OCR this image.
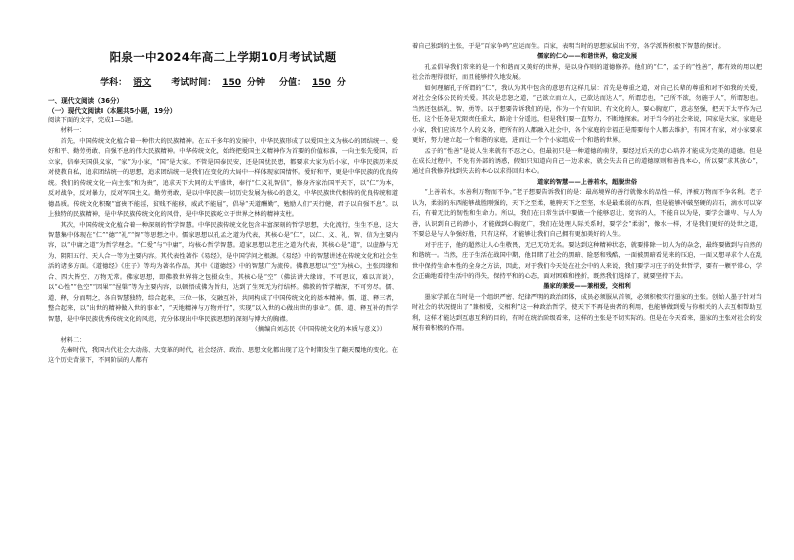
阳泉一中2024年高二上学期10月考试试题
学科： 语文	考试时间： 150 分钟 分值： 150 分
一、现代文阅读（36分）
（一）现代文阅读Ⅰ（本题共5小题，19分）

阅读下面的文字，完成1—5题。

材料一：

首先，中国传统文化植合着一种伟大的民族精神。在五千多年的发展中，中华民族形成了以爱国主义为核心的团结统一、爱好和平、勤劳勇敢、自强不息的伟大民族精神。中华传统文化，始终把爱国主义精神作为首要的价值标准，一向主张先爱国，后立家，信奉天国俱义家，“家”为小家，“国”是大家。不管是国泰民安，还是国忧民患，都要求大家为后小家，中华民族历来反对使教自私，追求团结统一的思想，追求团结统一是我们在变化的大局中一样体现家国情怀。爱好和平，更是中华民族的优良传统。我们的传统文化一向主张“和为贵”，追求天下大同的太平盛世，奉行“仁义礼智信”，修身齐家治国平天下，以“仁”为本，反对战争，反对暴力，反对军国主义。勤劳勇敢，是以中华民族一切历史发展为核心的意义，中华民族世代相传的优良传统和道德品质。传统文化积聚“富贵不能淫，贫贱不能移，威武不能屈”，倡导“天道酬勤”，勉励人们“天行健，君子以自强不息”。以上独特的民族精神，是中华民族传统文化的风骨，是中华民族屹立于世界之林的精神支柱。

其次，中国传统文化植合着一种深刻的哲学智慧。中华民族传统文化包含丰富深刻的哲学思想，大化流行，生生不息，这大智慧集中体现在“仁”“德”“礼”“智”等思想之中。儒家思想以孔孟之道为代表，其核心是“仁”，以仁、义、礼、智、信为主要内容，以“中庸之道”为哲学理念。“仁爱”与“中庸”，均核心哲学智慧。道家思想以老庄之道为代表，其核心是“道”，以虚静与无为、阴阳五行、天人合一等为主要内容。其代表性著作《易经》，是中国学问之根源。《易经》中的智慧讲述在传统文化和社会生活的诸多方面。《道德经》《庄子》等均为著名作品，其中《道德经》中的智慧广为流传。佛教思想以“空”为核心，主张因缘和合、四大皆空、万物无常。佛家思想，即佛教世界将之包摄众生，其核心是“空”（佛法讲大缘谛，不可思议，难以言说），以“心性”“色空”“因果”“涅槃”等为主要内容，以顿悟成佛为旨归，达到了生死无为行结杯。佛教的哲学精深，不可穷尽。儒、道、释，分而明之，各自智慧独特，综合起来，三位一体，交融互补，共同构成了中国传统文化的基本精神。儒、道、释三者，整合起来，以“出世的精神做入世的事业”，“天地精神与万物并行”，实现“以入世的心做出世的事业”。儒、道、释互补的哲学智慧，是中华民族优秀传统文化的风范，充分体现出中华民族思想的深刻与博大的胸襟。

（摘编自刘志民《中国传统文化的本质与意义》）

材料二：

先秦时代，我国古代社会大动荡、大变革的时代，社会经济、政治、思想文化都出现了这个时期发生了翻天覆地的变化。在这个历史背景下，不同阶层的人都有

着自己独到的主张，于是“百家争鸣”应运而生。百家，表明当时的思想家层出不穷，各学派皆积极下智慧的探讨。

儒家的仁心——和谐世界，稳定发展

孔孟倡导我们常来的是一个和谐而又美好的世界，是以身作则的道德修养。他们的“仁”，孟子的“性善”，都有效的用以把社会治理得很好，而且能够持久地发展。

如何理解孔子所谓的“仁”，我认为其中包含的意思有这样几层：首先是尊重之道，对自己长辈的尊重和对不如我的关爱，对社会全体公民的关爱。其次是忠恕之道，“己欲立而立人，己欲达而达人”，所谓忠也，“己所不欲，勿施于人”，所谓恕也。当然还包括礼、智、勇等。以于想要告诉我们的是，作为一个有知识、有文化的人，要心胸宽广，意志坚强，把天下太平作为己任，这个任务是无限责任重大，路途十分遥远，但是我们要一直努力，不断地探索。对于当今的社会来说，国家是大家，家庭是小家，我们应该尽个人的义务，把所有的人都融入社会中，各个家庭的幸福正是需要每个人都去维护，有国才有家，对小家要求更好，努力建立起一个和谐的家庭，进而让一个个小家组成一个和谐的世界。

孟子的“性善”是说人生来就有不忍之心，但最初只是一种道德的萌芽，要经过后天的忠心培养才能成为完美的道德。但是在成长过程中，不免有外部的诱惑，假如只知道向自己一边求索，就会失去自己的道德原则和善良本心，所以要“求其放心”，通过自我修养找到失去的本心以求得回归本心。

道家的智慧——上善若水，超脱世俗

“上善若水，水善利万物而不争。”老子想要告诉我们的是：最高境界的善行就像水的品性一样，泽被万物而不争名利。老子认为，柔弱的东西能够战胜刚强的，天下之至柔，驰骋天下之至坚，水是最柔弱的东西，但是能够冲破坚硬的岩石，滴水可以穿石，有着无比的韧性和生命力。所以，我们在日常生活中要做一个能够忍让、宽容的人，不能自以为是，要学会谦卑、与人为善，认识到自己的渺小，才能做到心胸宽广，我们在处理人际关系时，要学会“柔弱”，像水一样，才是我们更好的处世之道，不要总是与人争强好胜，只有这样，才能够让我们自己拥有更加美好的人生。

对于庄子，他的超然让人心生敬畏，无已无功无名。要达到这种精神状态，就要排除一切人为的杂念，最终要做到与自然的和谐统一。当然，庄子生活在战国中期，他目睹了社会的黑暗、险恶和残酷，一面被黑暗看见来的压迫，一面又想寻求个人在乱世中保持生命本性的全身之方法，因此，对于我们今天处在社会中的人来说，我们要学习庄子的处世哲学，要有一颗平常心，学会正确地看待生活中的得失，保持平和的心态，面对困难和挫折，既然我们选择了，就要坚持下去。

墨家的兼爱——兼相爱，交相利

墨家学派在当时是一个组织严密、纪律严明的政治团体，成员必须服从首领，必须积极实行墨家的主张。创始人墨子针对当时社会的状况提出了“兼相爱，交相利”这一种政治哲学，使天下不再是贵者的利用，也能够做到爱与你相关的人去互相帮助互利，这样才能达到互惠互利的目的，有时在统治阶级看来，这样的主张是不切实际的。但是在今天看来，墨家的主张对社会的发展有着积极的作用。
